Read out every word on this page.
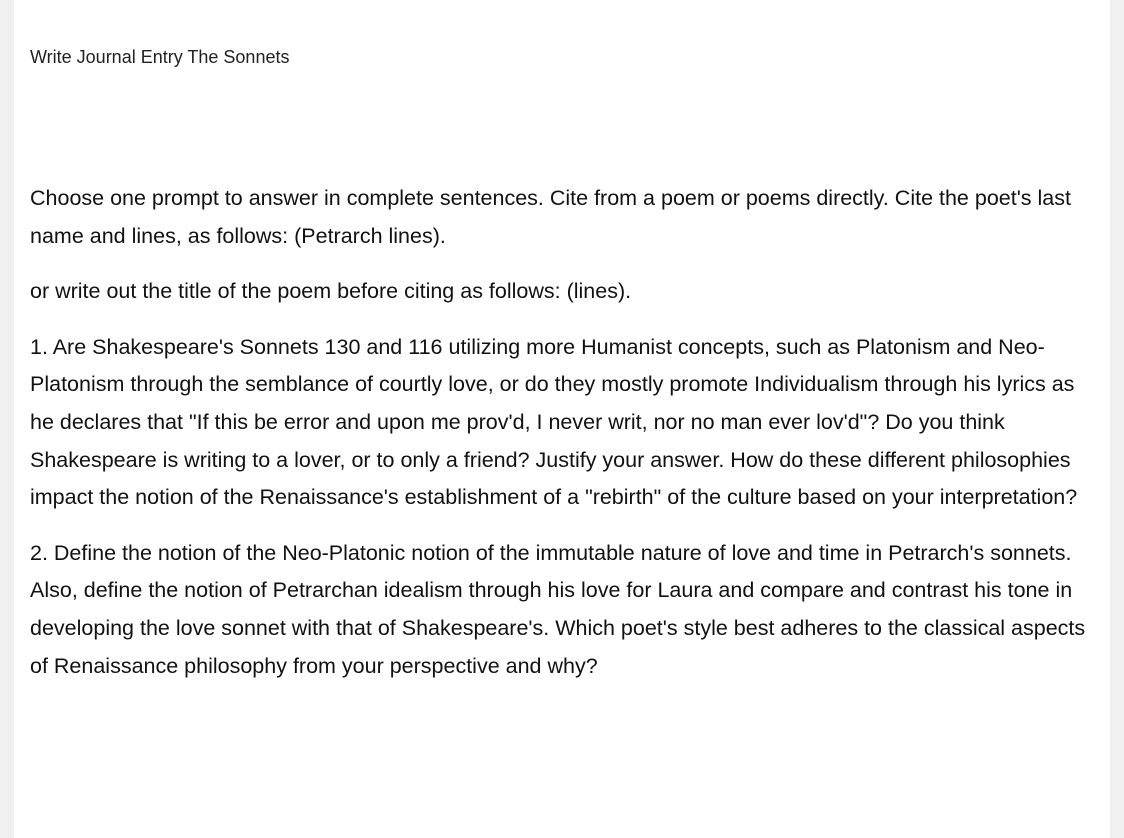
Write Journal Entry The Sonnets

Choose one prompt to answer in complete sentences. Cite from a poem or poems directly. Cite the poet's last name and lines, as follows: (Petrarch lines).

or write out the title of the poem before citing as follows: (lines).

1. Are Shakespeare's Sonnets 130 and 116 utilizing more Humanist concepts, such as Platonism and Neo-Platonism through the semblance of courtly love, or do they mostly promote Individualism through his lyrics as he declares that "If this be error and upon me prov'd, I never writ, nor no man ever lov'd"? Do you think Shakespeare is writing to a lover, or to only a friend? Justify your answer. How do these different philosophies impact the notion of the Renaissance's establishment of a "rebirth" of the culture based on your interpretation?

2. Define the notion of the Neo-Platonic notion of the immutable nature of love and time in Petrarch's sonnets. Also, define the notion of Petrarchan idealism through his love for Laura and compare and contrast his tone in developing the love sonnet with that of Shakespeare's. Which poet's style best adheres to the classical aspects of Renaissance philosophy from your perspective and why?
